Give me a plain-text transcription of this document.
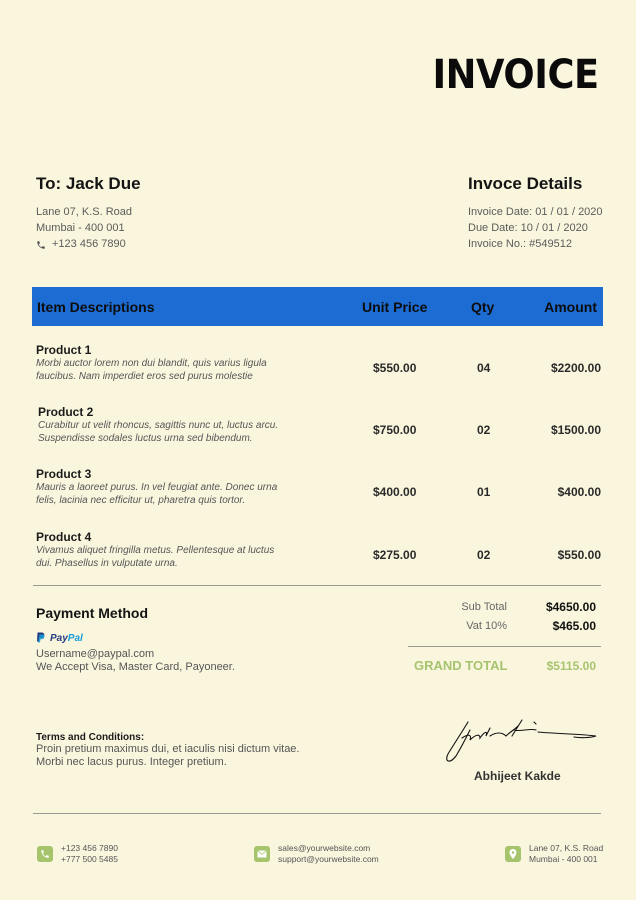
INVOICE
To: Jack Due
Lane 07, K.S. Road
Mumbai - 400 001
+123 456 7890
Invoce Details
Invoice Date: 01 / 01 / 2020
Due Date: 10 / 01 / 2020
Invoice No.: #549512
Item Descriptions	Unit Price	Qty	Amount
Product 1
Morbi auctor lorem non dui blandit, quis varius ligula
faucibus. Nam imperdiet eros sed purus molestie
$550.00	04	$2200.00
Product 2
Curabitur ut velit rhoncus, sagittis nunc ut, luctus arcu.
Suspendisse sodales luctus urna sed bibendum.
$750.00	02	$1500.00
Product 3
Mauris a laoreet purus. In vel feugiat ante. Donec urna
felis, lacinia nec efficitur ut, pharetra quis tortor.
$400.00	01	$400.00
Product 4
Vivamus aliquet fringilla metus. Pellentesque at luctus
dui. Phasellus in vulputate urna.
$275.00	02	$550.00
Payment Method
PayPal
Username@paypal.com
We Accept Visa, Master Card, Payoneer.
Sub Total	$4650.00
Vat 10%	$465.00
GRAND TOTAL	$5115.00
Terms and Conditions:
Proin pretium maximus dui, et iaculis nisi dictum vitae.
Morbi nec lacus purus. Integer pretium.
Abhijeet Kakde
+123 456 7890
+777 500 5485
sales@yourwebsite.com
support@yourwebsite.com
Lane 07, K.S. Road
Mumbai - 400 001
